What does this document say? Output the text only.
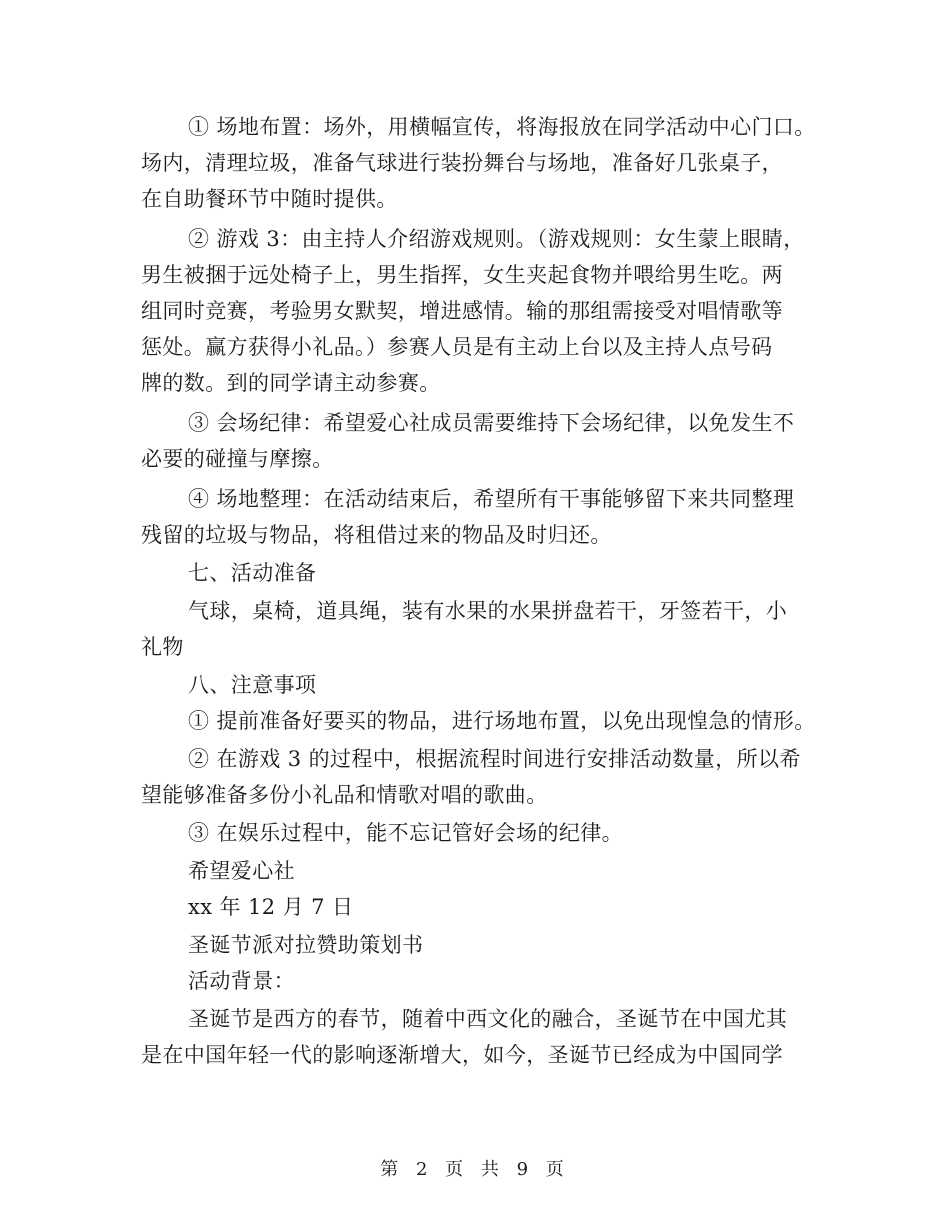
① 场地布置：场外，用横幅宣传，将海报放在同学活动中心门口。
场内，清理垃圾，准备气球进行装扮舞台与场地，准备好几张桌子，
在自助餐环节中随时提供。
② 游戏 3：由主持人介绍游戏规则。（游戏规则：女生蒙上眼睛，
男生被捆于远处椅子上，男生指挥，女生夹起食物并喂给男生吃。两
组同时竞赛，考验男女默契，增进感情。输的那组需接受对唱情歌等
惩处。赢方获得小礼品。）参赛人员是有主动上台以及主持人点号码
牌的数。到的同学请主动参赛。
③ 会场纪律：希望爱心社成员需要维持下会场纪律，以免发生不
必要的碰撞与摩擦。
④ 场地整理：在活动结束后，希望所有干事能够留下来共同整理
残留的垃圾与物品，将租借过来的物品及时归还。
七、活动准备
气球，桌椅，道具绳，装有水果的水果拼盘若干，牙签若干，小
礼物
八、注意事项
① 提前准备好要买的物品，进行场地布置，以免出现惶急的情形。
② 在游戏 3 的过程中，根据流程时间进行安排活动数量，所以希
望能够准备多份小礼品和情歌对唱的歌曲。
③ 在娱乐过程中，能不忘记管好会场的纪律。
希望爱心社
xx 年 12 月 7 日
圣诞节派对拉赞助策划书
活动背景：
圣诞节是西方的春节，随着中西文化的融合，圣诞节在中国尤其
是在中国年轻一代的影响逐渐增大，如今，圣诞节已经成为中国同学
第 2 页 共 9 页
